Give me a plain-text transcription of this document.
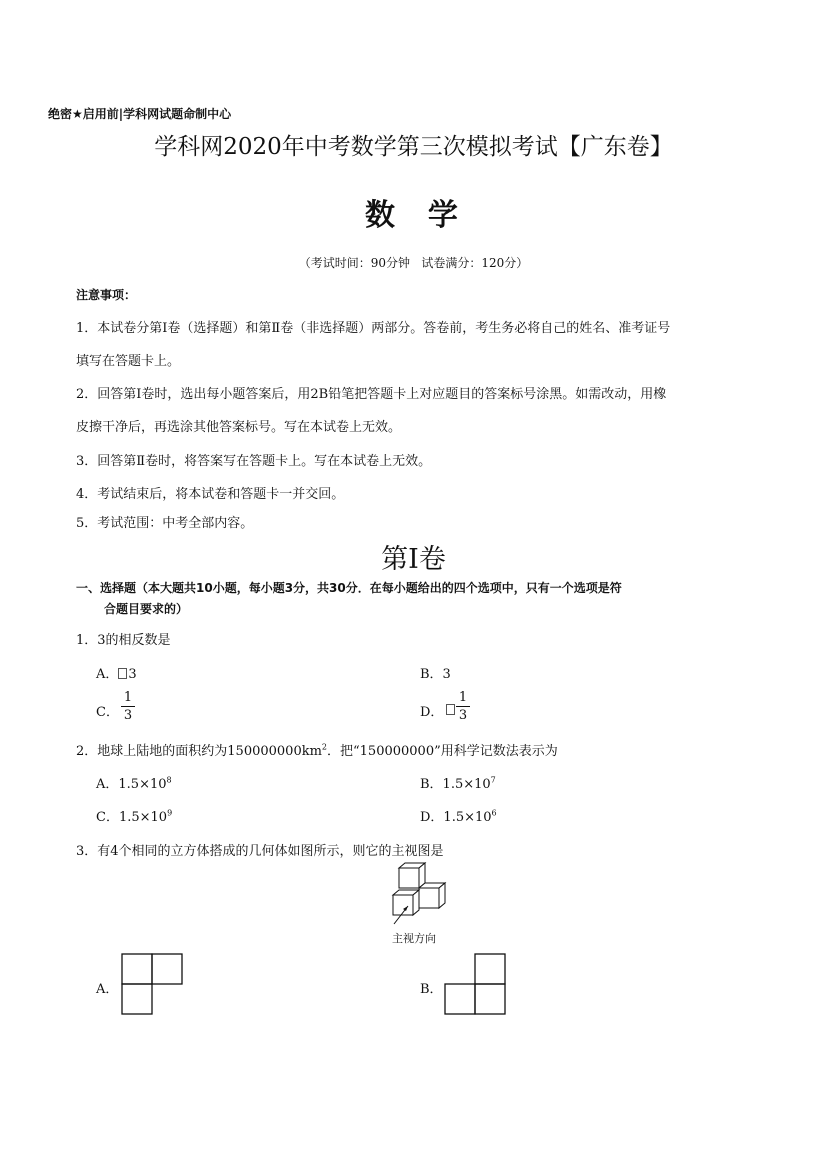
绝密★启用前|学科网试题命制中心
学科网2020年中考数学第三次模拟考试【广东卷】
数  学
（考试时间：90分钟   试卷满分：120分）
注意事项：
1．本试卷分第Ⅰ卷（选择题）和第Ⅱ卷（非选择题）两部分。答卷前，考生务必将自己的姓名、准考证号
填写在答题卡上。
2．回答第Ⅰ卷时，选出每小题答案后，用2B铅笔把答题卡上对应题目的答案标号涂黑。如需改动，用橡
皮擦干净后，再选涂其他答案标号。写在本试卷上无效。
3．回答第Ⅱ卷时，将答案写在答题卡上。写在本试卷上无效。
4．考试结束后，将本试卷和答题卡一并交回。
5．考试范围：中考全部内容。
第Ⅰ卷
一、选择题（本大题共10小题，每小题3分，共30分．在每小题给出的四个选项中，只有一个选项是符
合题目要求的）
1．3的相反数是
A． 3	B．3
C．
1
3	D．
1
3
2．地球上陆地的面积约为$150000000km^2$．把“150000000”用科学记数法表示为
A．$1.5\times 10^8$	B．$1.5\times 10^7$
C．$1.5\times 10^9$	D．$1.5\times 10^6$
3．有4个相同的立方体搭成的几何体如图所示，则它的主视图是
主视方向
A．	B．
